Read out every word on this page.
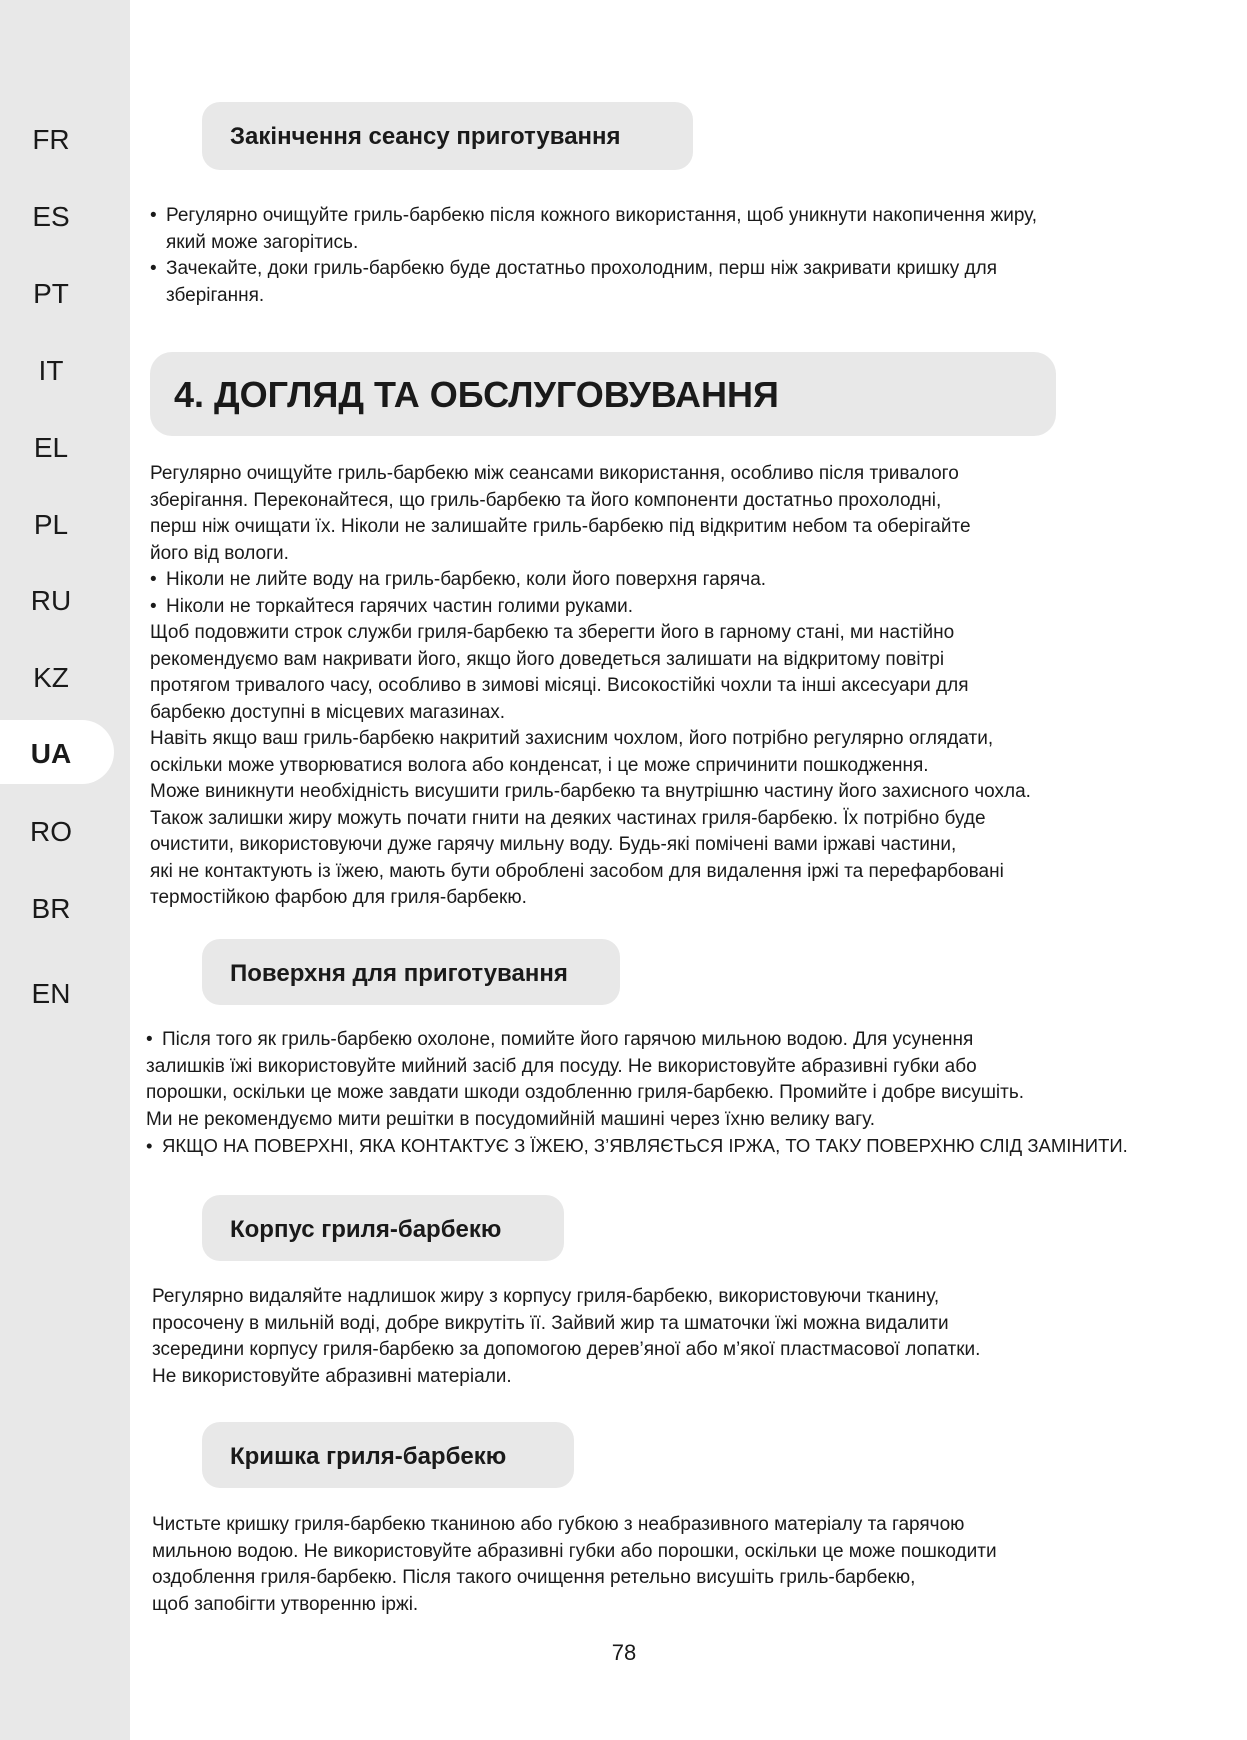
FR
ES
PT
IT
EL
PL
RU
KZ
UA
RO
BR
EN
Закінчення сеансу приготування
• Регулярно очищуйте гриль-барбекю після кожного використання, щоб уникнути накопичення жиру,
який може загорітись.
• Зачекайте, доки гриль-барбекю буде достатньо прохолодним, перш ніж закривати кришку для
зберігання.
4. ДОГЛЯД ТА ОБСЛУГОВУВАННЯ
Регулярно очищуйте гриль-барбекю між сеансами використання, особливо після тривалого
зберігання. Переконайтеся, що гриль-барбекю та його компоненти достатньо прохолодні,
перш ніж очищати їх. Ніколи не залишайте гриль-барбекю під відкритим небом та оберігайте
його від вологи.
• Ніколи не лийте воду на гриль-барбекю, коли його поверхня гаряча.
• Ніколи не торкайтеся гарячих частин голими руками.
Щоб подовжити строк служби гриля-барбекю та зберегти його в гарному стані, ми настійно
рекомендуємо вам накривати його, якщо його доведеться залишати на відкритому повітрі
протягом тривалого часу, особливо в зимові місяці. Високостійкі чохли та інші аксесуари для
барбекю доступні в місцевих магазинах.
Навіть якщо ваш гриль-барбекю накритий захисним чохлом, його потрібно регулярно оглядати,
оскільки може утворюватися волога або конденсат, і це може спричинити пошкодження.
Може виникнути необхідність висушити гриль-барбекю та внутрішню частину його захисного чохла.
Також залишки жиру можуть почати гнити на деяких частинах гриля-барбекю. Їх потрібно буде
очистити, використовуючи дуже гарячу мильну воду. Будь-які помічені вами іржаві частини,
які не контактують із їжею, мають бути оброблені засобом для видалення іржі та перефарбовані
термостійкою фарбою для гриля-барбекю.
Поверхня для приготування
• Після того як гриль-барбекю охолоне, помийте його гарячою мильною водою. Для усунення
залишків їжі використовуйте мийний засіб для посуду. Не використовуйте абразивні губки або
порошки, оскільки це може завдати шкоди оздобленню гриля-барбекю. Промийте і добре висушіть.
Ми не рекомендуємо мити решітки в посудомийній машині через їхню велику вагу.
• ЯКЩО НА ПОВЕРХНІ, ЯКА КОНТАКТУЄ З ЇЖЕЮ, З’ЯВЛЯЄТЬСЯ ІРЖА, ТО ТАКУ ПОВЕРХНЮ СЛІД ЗАМІНИТИ.
Корпус гриля-барбекю
Регулярно видаляйте надлишок жиру з корпусу гриля-барбекю, використовуючи тканину,
просочену в мильній воді, добре викрутіть її. Зайвий жир та шматочки їжі можна видалити
зсередини корпусу гриля-барбекю за допомогою дерев’яної або м’якої пластмасової лопатки.
Не використовуйте абразивні матеріали.
Кришка гриля-барбекю
Чистьте кришку гриля-барбекю тканиною або губкою з неабразивного матеріалу та гарячою
мильною водою. Не використовуйте абразивні губки або порошки, оскільки це може пошкодити
оздоблення гриля-барбекю. Після такого очищення ретельно висушіть гриль-барбекю,
щоб запобігти утворенню іржі.
78
